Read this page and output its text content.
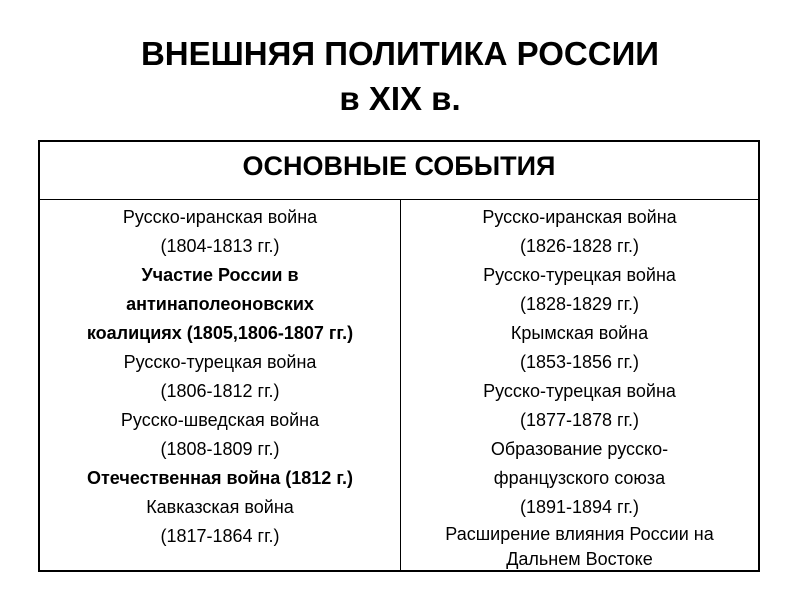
ВНЕШНЯЯ ПОЛИТИКА РОССИИ
в XIX в.
ОСНОВНЫЕ СОБЫТИЯ
Русско-иранская война
(1804-1813 гг.)
Участие России в
антинаполеоновских
коалициях (1805,1806-1807 гг.)
Русско-турецкая война
(1806-1812 гг.)
Русско-шведская война
(1808-1809 гг.)
Отечественная война (1812 г.)
Кавказская война
(1817-1864 гг.)
Русско-иранская война
(1826-1828 гг.)
Русско-турецкая война
(1828-1829 гг.)
Крымская война
(1853-1856 гг.)
Русско-турецкая война
(1877-1878 гг.)
Образование русско-
французского союза
(1891-1894 гг.)
Расширение влияния России на
Дальнем Востоке
